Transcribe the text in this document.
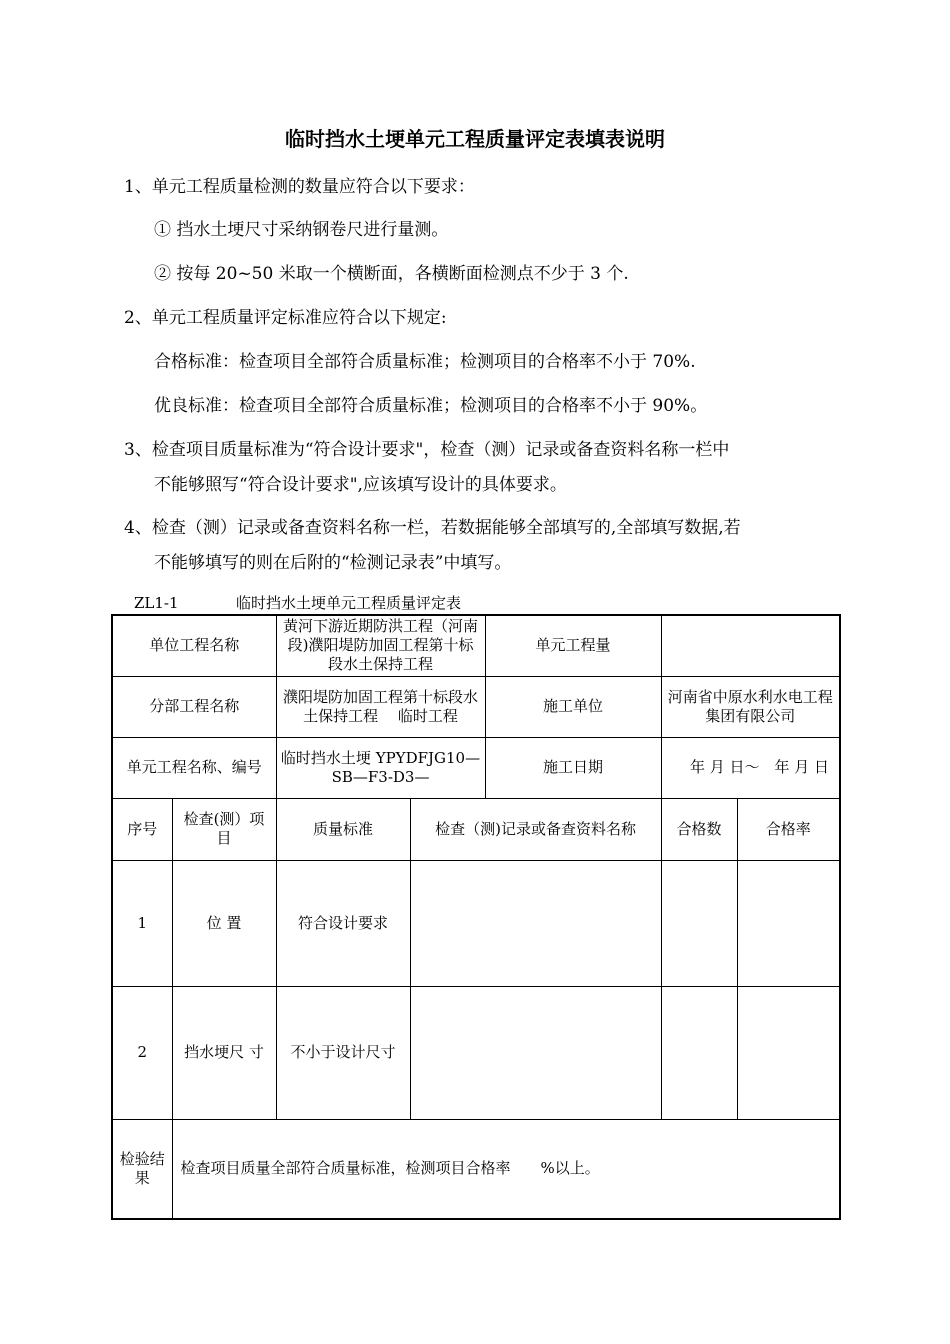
临时挡水土埂单元工程质量评定表填表说明
1、单元工程质量检测的数量应符合以下要求：
① 挡水土埂尺寸采纳钢卷尺进行量测。
② 按每 20~50 米取一个横断面，各横断面检测点不少于 3 个.
2、单元工程质量评定标准应符合以下规定:
合格标准：检查项目全部符合质量标准；检测项目的合格率不小于 70%.
优良标准：检查项目全部符合质量标准；检测项目的合格率不小于 90%。
3、检查项目质量标准为“符合设计要求"，检查（测）记录或备查资料名称一栏中
不能够照写“符合设计要求",应该填写设计的具体要求。
4、检查（测）记录或备查资料名称一栏，若数据能够全部填写的,全部填写数据,若
不能够填写的则在后附的“检测记录表”中填写。
ZL1-1	临时挡水土埂单元工程质量评定表
单位工程名称		黄河下游近期防洪工程（河南段)濮阳堤防加固工程第十标段水土保持工程		单元工程量		
分部工程名称		濮阳堤防加固工程第十标段水土保持工程　 临时工程		施工单位	河南省中原水利水电工程集团有限公司	
单元工程名称、编号		临时挡水土埂 YPYDFJG10—SB—F3-D3—		施工日期	年 月 日～　年 月 日	
序号	检查(测）项目	质量标准	检查（测)记录或备查资料名称		合格数	合格率
1	位 置	符合设计要求				
2	挡水埂尺 寸	不小于设计尺寸				
检验结果	检查项目质量全部符合质量标准，检测项目合格率　　%以上。					
